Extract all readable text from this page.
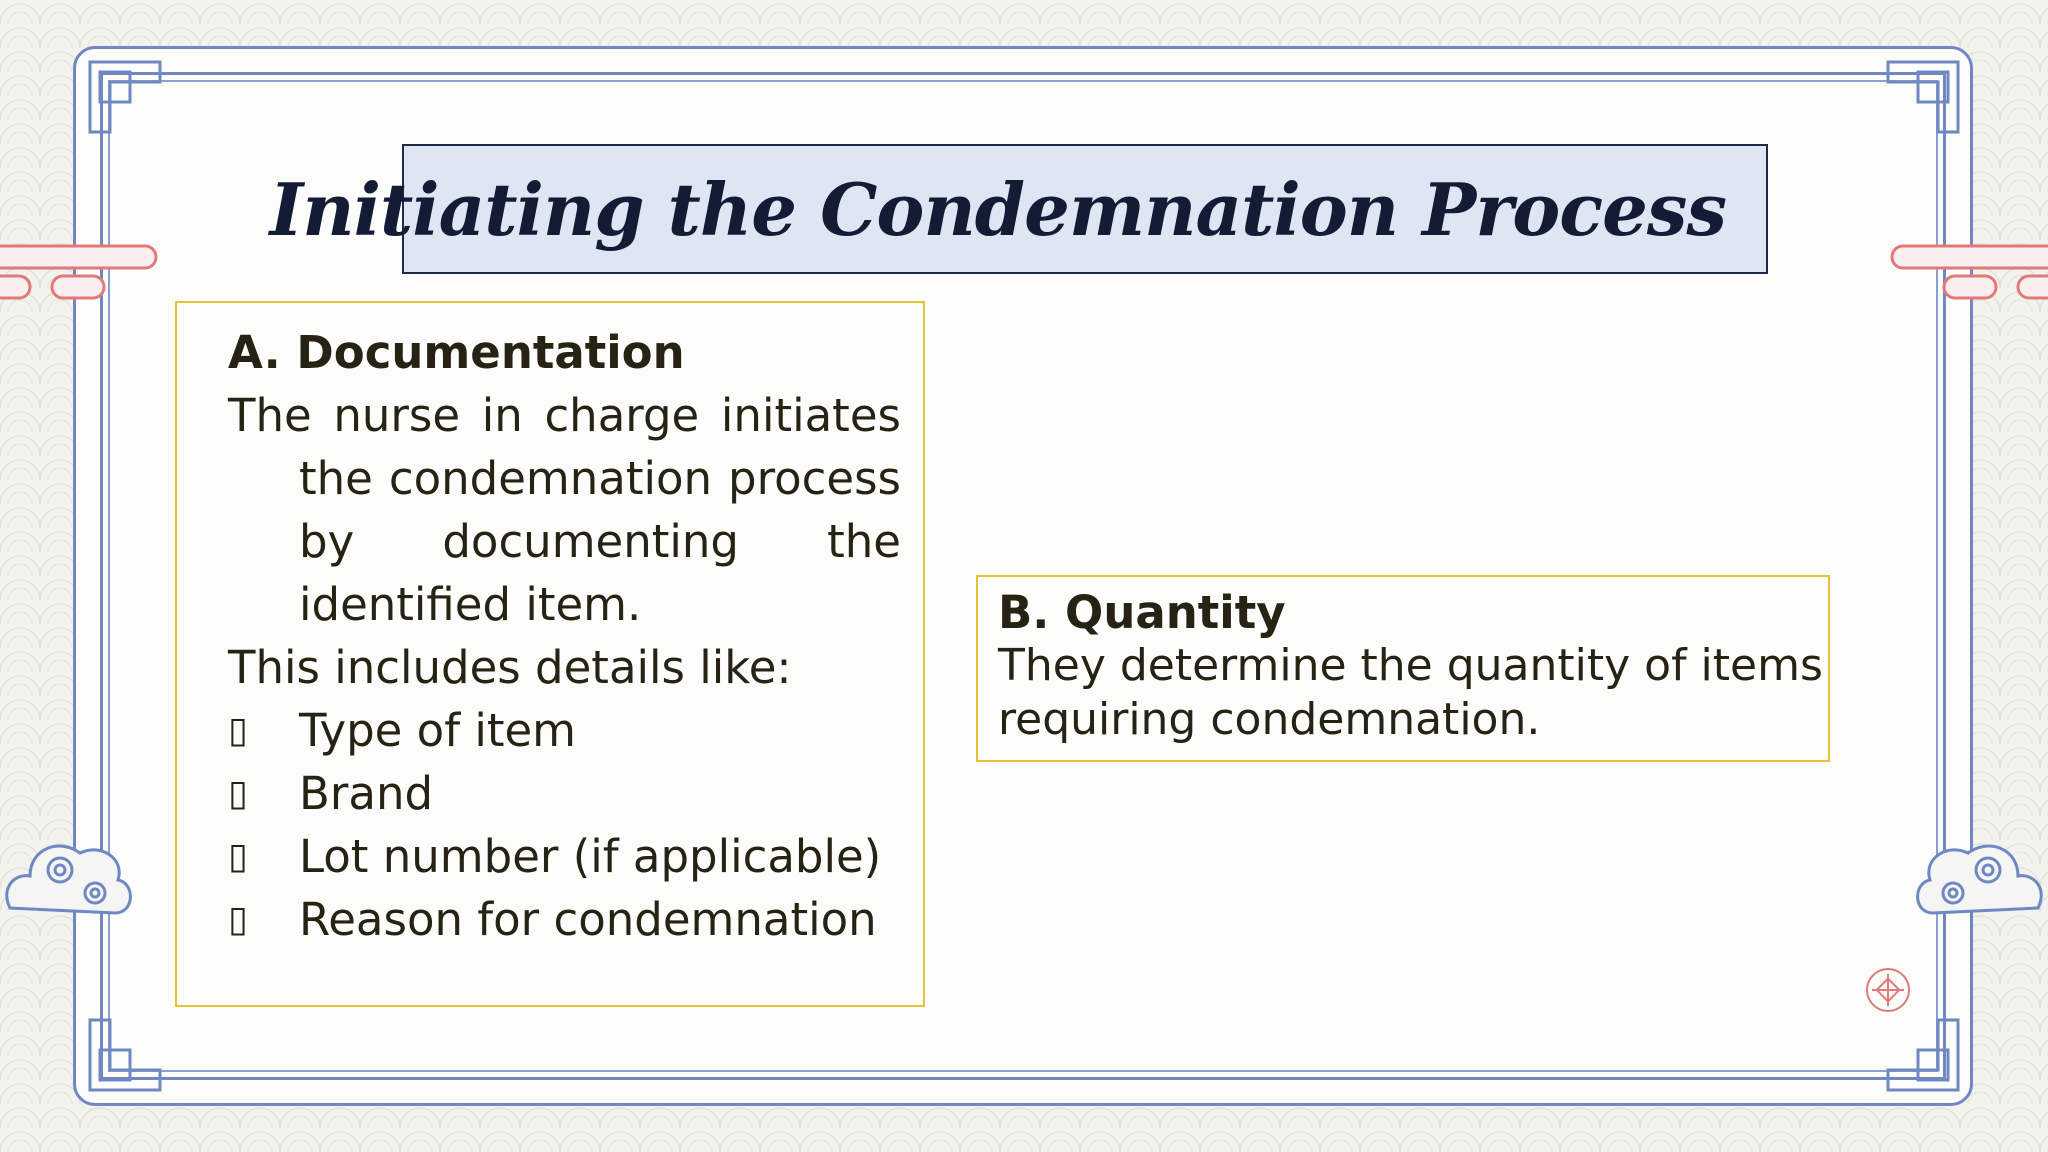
Initiating the Condemnation Process
A. Documentation
The nurse in charge initiates
the condemnation process
by documenting the
identified item.
This includes details like:
▯ Type of item
▯ Brand
▯ Lot number (if applicable)
▯ Reason for condemnation
B. Quantity
They determine the quantity of items
requiring condemnation.
